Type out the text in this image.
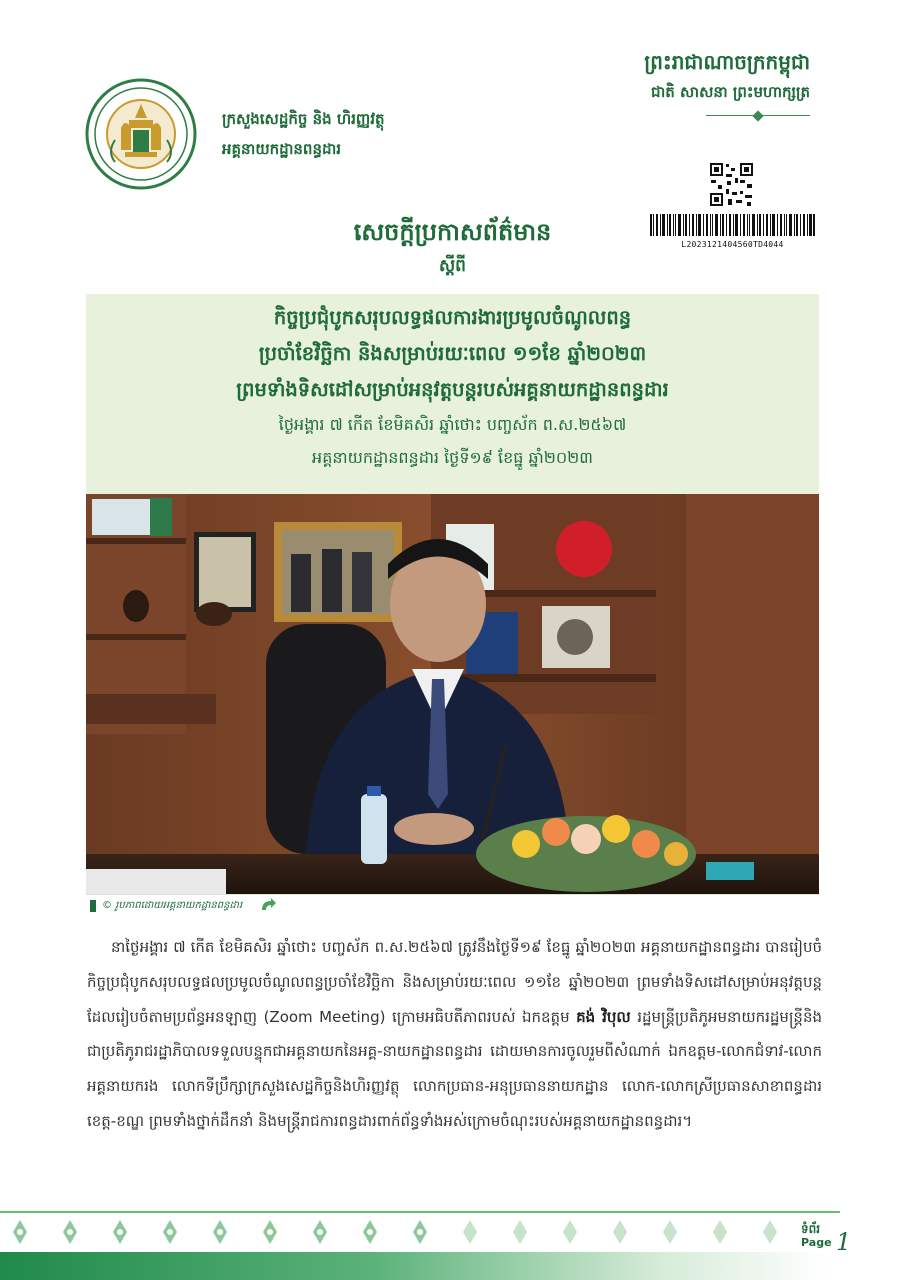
ក្រសួងសេដ្ឋកិច្ច និង ហិរញ្ញវត្ថុ
អគ្គនាយកដ្ឋានពន្ធដារ
ព្រះរាជាណាចក្រកម្ពុជា
ជាតិ សាសនា ព្រះមហាក្សត្រ
L2023121404560TD4044
សេចក្តីប្រកាសព័ត៌មាន
ស្តីពី
កិច្ចប្រជុំបូកសរុបលទ្ធផលការងារប្រមូលចំណូលពន្ធ
ប្រចាំខែវិច្ឆិកា និងសម្រាប់រយៈពេល ១១ខែ ឆ្នាំ២០២៣
ព្រមទាំងទិសដៅសម្រាប់អនុវត្តបន្តរបស់អគ្គនាយកដ្ឋានពន្ធដារ
ថ្ងៃអង្គារ ៧ កើត ខែមិគសិរ ឆ្នាំថោះ បញ្ចស័ក ព.ស.២៥៦៧
អគ្គនាយកដ្ឋានពន្ធដារ ថ្ងៃទី១៩ ខែធ្នូ ឆ្នាំ២០២៣
© រូបភាពដោយអគ្គនាយកដ្ឋានពន្ធដារ

នាថ្ងៃអង្គារ ៧ កើត ខែមិគសិរ ឆ្នាំថោះ បញ្ចស័ក ព.ស.២៥៦៧ ត្រូវនឹងថ្ងៃទី១៩ ខែធ្នូ ឆ្នាំ២០២៣ អគ្គនាយកដ្ឋានពន្ធដារ បានរៀបចំកិច្ចប្រជុំបូកសរុបលទ្ធផលប្រមូលចំណូលពន្ធប្រចាំខែវិច្ឆិកា និងសម្រាប់រយៈពេល ១១ខែ ឆ្នាំ២០២៣ ព្រមទាំងទិសដៅសម្រាប់អនុវត្តបន្ត ដែលរៀបចំតាមប្រព័ន្ធអនឡាញ (Zoom Meeting) ក្រោមអធិបតីភាពរបស់ ឯកឧត្តម គង់ វិបុល រដ្ឋមន្ត្រីប្រតិភូអមនាយករដ្ឋមន្ត្រីនិងជាប្រតិភូរាជរដ្ឋាភិបាលទទួលបន្ទុកជាអគ្គនាយកនៃអគ្គ-នាយកដ្ឋានពន្ធដារ ដោយមានការចូលរួមពីសំណាក់ ឯកឧត្តម-លោកជំទាវ-លោកអគ្គនាយករង លោកទីប្រឹក្សាក្រសួងសេដ្ឋកិច្ចនិងហិរញ្ញវត្ថុ លោកប្រធាន-អនុប្រធាននាយកដ្ឋាន លោក-លោកស្រីប្រធានសាខាពន្ធដារខេត្ត-ខណ្ឌ ព្រមទាំងថ្នាក់ដឹកនាំ និងមន្ត្រីរាជការពន្ធដារពាក់ព័ន្ធទាំងអស់ក្រោមចំណុះរបស់អគ្គនាយកដ្ឋានពន្ធដារ។

ទំព័រ
Page 1
